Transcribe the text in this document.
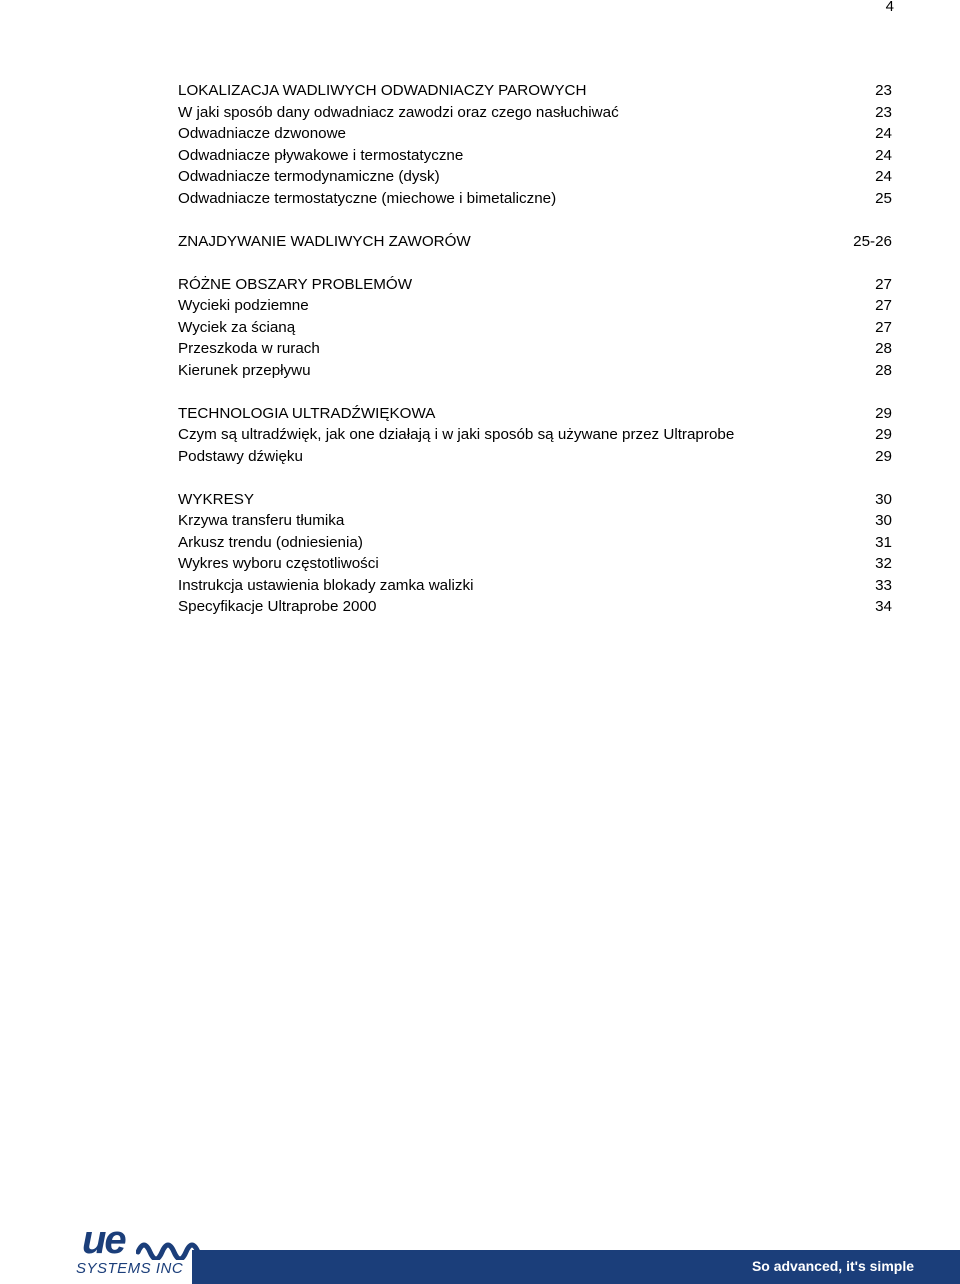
4
LOKALIZACJA WADLIWYCH ODWADNIACZY PAROWYCH	23
W jaki sposób dany odwadniacz zawodzi oraz czego nasłuchiwać	23
Odwadniacze dzwonowe	24
Odwadniacze pływakowe i termostatyczne	24
Odwadniacze termodynamiczne (dysk)	24
Odwadniacze termostatyczne (miechowe i bimetaliczne)	25
ZNAJDYWANIE WADLIWYCH ZAWORÓW	25-26
RÓŻNE OBSZARY PROBLEMÓW	27
Wycieki podziemne	27
Wyciek za ścianą	27
Przeszkoda w rurach	28
Kierunek przepływu	28
TECHNOLOGIA ULTRADŹWIĘKOWA	29
Czym są ultradźwięk, jak one działają i w jaki sposób są używane przez Ultraprobe	29
Podstawy dźwięku	29
WYKRESY	30
Krzywa transferu tłumika	30
Arkusz trendu (odniesienia)	31
Wykres wyboru częstotliwości	32
Instrukcja ustawienia blokady zamka walizki	33
Specyfikacje Ultraprobe 2000	34
ue
SYSTEMS INC	So advanced, it's simple
